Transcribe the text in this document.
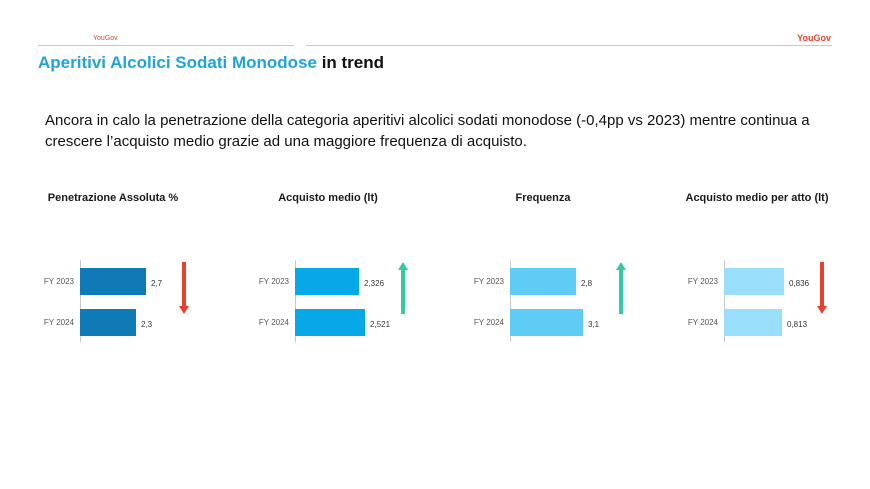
YouGov	YouGov
Aperitivi Alcolici Sodati Monodose in trend
Ancora in calo la penetrazione della categoria aperitivi alcolici sodati monodose (-0,4pp vs 2023) mentre continua a crescere l’acquisto medio grazie ad una maggiore frequenza di acquisto.
Penetrazione Assoluta %
FY 2023	2,7
FY 2024	2,3
Acquisto medio (lt)
FY 2023	2,326
FY 2024	2,521
Frequenza
FY 2023	2,8
FY 2024	3,1
Acquisto medio per atto (lt)
FY 2023	0,836
FY 2024	0,813
